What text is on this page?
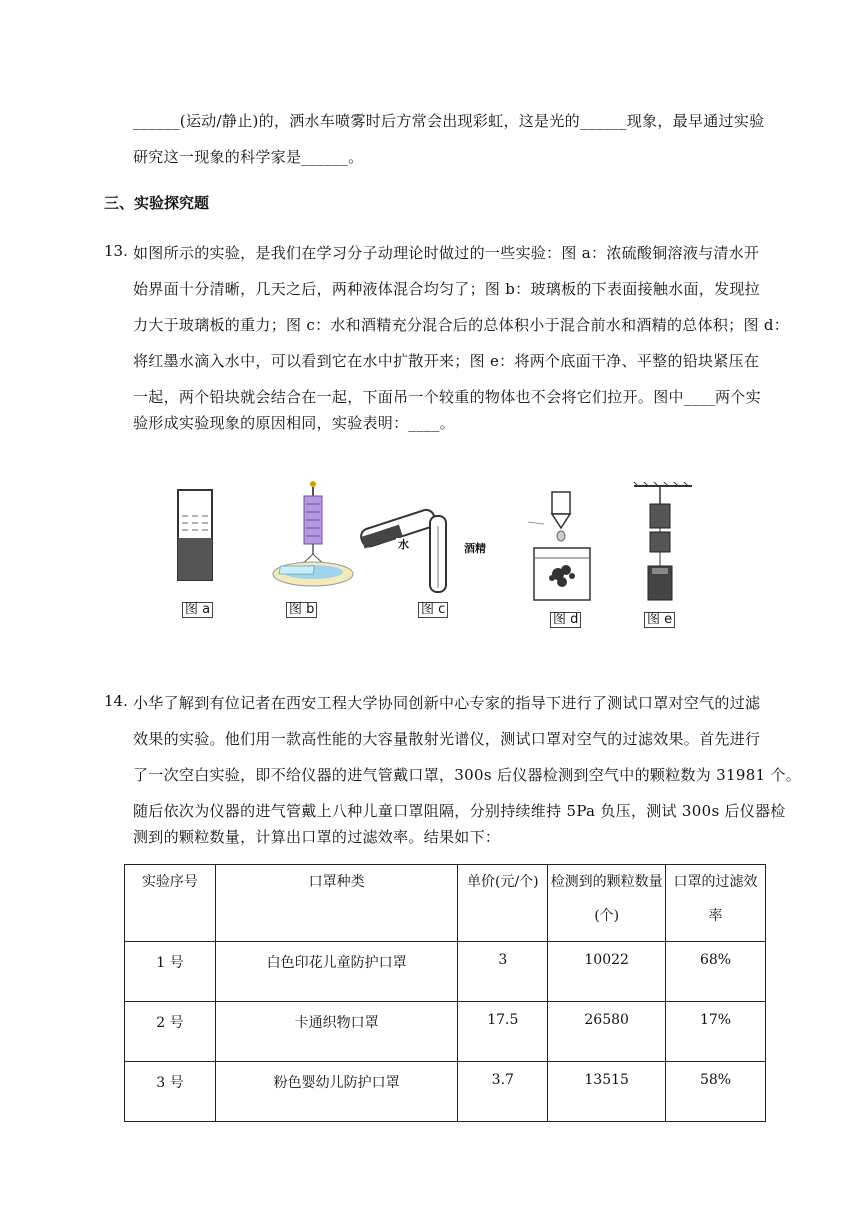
______(运动/静止)的，洒水车喷雾时后方常会出现彩虹，这是光的______现象，最早通过实验
研究这一现象的科学家是______。
三、实验探究题
13. 如图所示的实验，是我们在学习分子动理论时做过的一些实验：图 a：浓硫酸铜溶液与清水开
始界面十分清晰，几天之后，两种液体混合均匀了；图 b：玻璃板的下表面接触水面，发现拉
力大于玻璃板的重力；图 c：水和酒精充分混合后的总体积小于混合前水和酒精的总体积；图 d：
将红墨水滴入水中，可以看到它在水中扩散开来；图 e：将两个底面干净、平整的铅块紧压在
一起，两个铅块就会结合在一起，下面吊一个较重的物体也不会将它们拉开。图中____两个实
验形成实验现象的原因相同，实验表明：____。
图 a	图 b
水	酒精
图 c
图 d	图 e
14. 小华了解到有位记者在西安工程大学协同创新中心专家的指导下进行了测试口罩对空气的过滤
效果的实验。他们用一款高性能的大容量散射光谱仪，测试口罩对空气的过滤效果。首先进行
了一次空白实验，即不给仪器的进气管戴口罩，300s 后仪器检测到空气中的颗粒数为 31981 个。
随后依次为仪器的进气管戴上八种儿童口罩阻隔，分别持续维持 5Pa 负压，测试 300s 后仪器检
测到的颗粒数量，计算出口罩的过滤效率。结果如下：
实验序号	口罩种类	单价(元/个)	检测到的颗粒数量(个)	口罩的过滤效率
1 号	白色印花儿童防护口罩	3	10022	68%
2 号	卡通织物口罩	17.5	26580	17%
3 号	粉色婴幼儿防护口罩	3.7	13515	58%
